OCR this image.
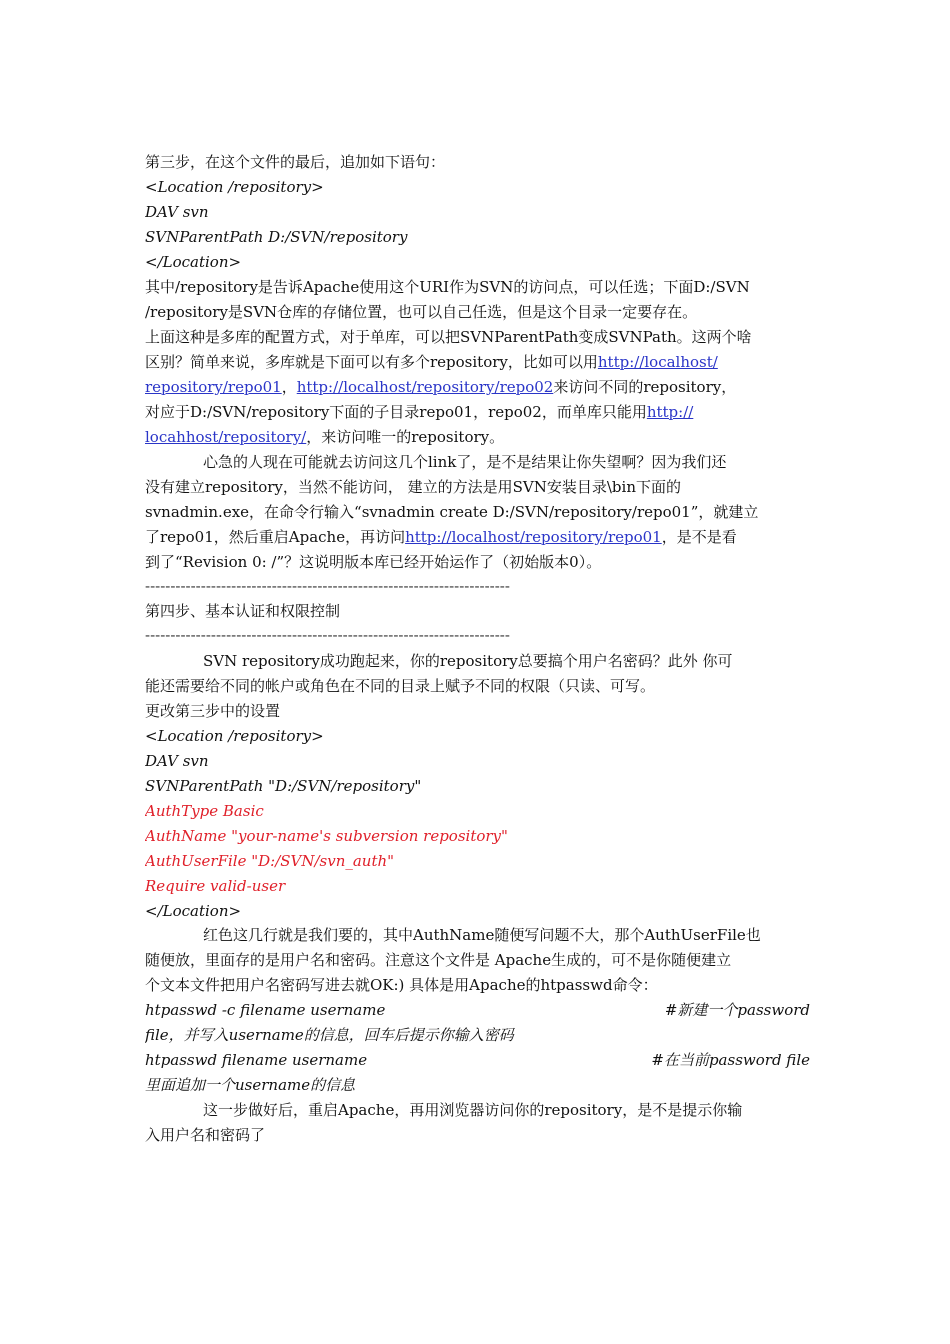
第三步，在这个文件的最后，追加如下语句：
<Location /repository>
DAV svn
SVNParentPath D:/SVN/repository
</Location>
其中/repository是告诉Apache使用这个URI作为SVN的访问点，可以任选；下面D:/SVN
/repository是SVN仓库的存储位置，也可以自己任选，但是这个目录一定要存在。
上面这种是多库的配置方式，对于单库，可以把SVNParentPath变成SVNPath。这两个啥
区别？简单来说，多库就是下面可以有多个repository，比如可以用http://localhost/
repository/repo01，http://localhost/repository/repo02来访问不同的repository，
对应于D:/SVN/repository下面的子目录repo01，repo02，而单库只能用http://
locahhost/repository/，来访问唯一的repository。
心急的人现在可能就去访问这几个link了，是不是结果让你失望啊？因为我们还
没有建立repository，当然不能访问， 建立的方法是用SVN安装目录\bin下面的
svnadmin.exe，在命令行输入“svnadmin create D:/SVN/repository/repo01”，就建立
了repo01，然后重启Apache，再访问http://localhost/repository/repo01，是不是看
到了“Revision 0: /”？这说明版本库已经开始运作了（初始版本0）。
------------------------------------------------------------------------
第四步、基本认证和权限控制
------------------------------------------------------------------------
SVN repository成功跑起来，你的repository总要搞个用户名密码？此外 你可
能还需要给不同的帐户或角色在不同的目录上赋予不同的权限（只读、可写。
更改第三步中的设置
<Location /repository>
DAV svn
SVNParentPath "D:/SVN/repository"
AuthType Basic
AuthName "your-name's subversion repository"
AuthUserFile "D:/SVN/svn_auth"
Require valid-user
</Location>
红色这几行就是我们要的，其中AuthName随便写问题不大，那个AuthUserFile也
随便放，里面存的是用户名和密码。注意这个文件是 Apache生成的，可不是你随便建立
个文本文件把用户名密码写进去就OK:) 具体是用Apache的htpasswd命令：
htpasswd -c filename username	#新建一个password
file，并写入username的信息，回车后提示你输入密码
htpasswd filename username	#在当前password file
里面追加一个username的信息
这一步做好后，重启Apache，再用浏览器访问你的repository，是不是提示你输
入用户名和密码了
